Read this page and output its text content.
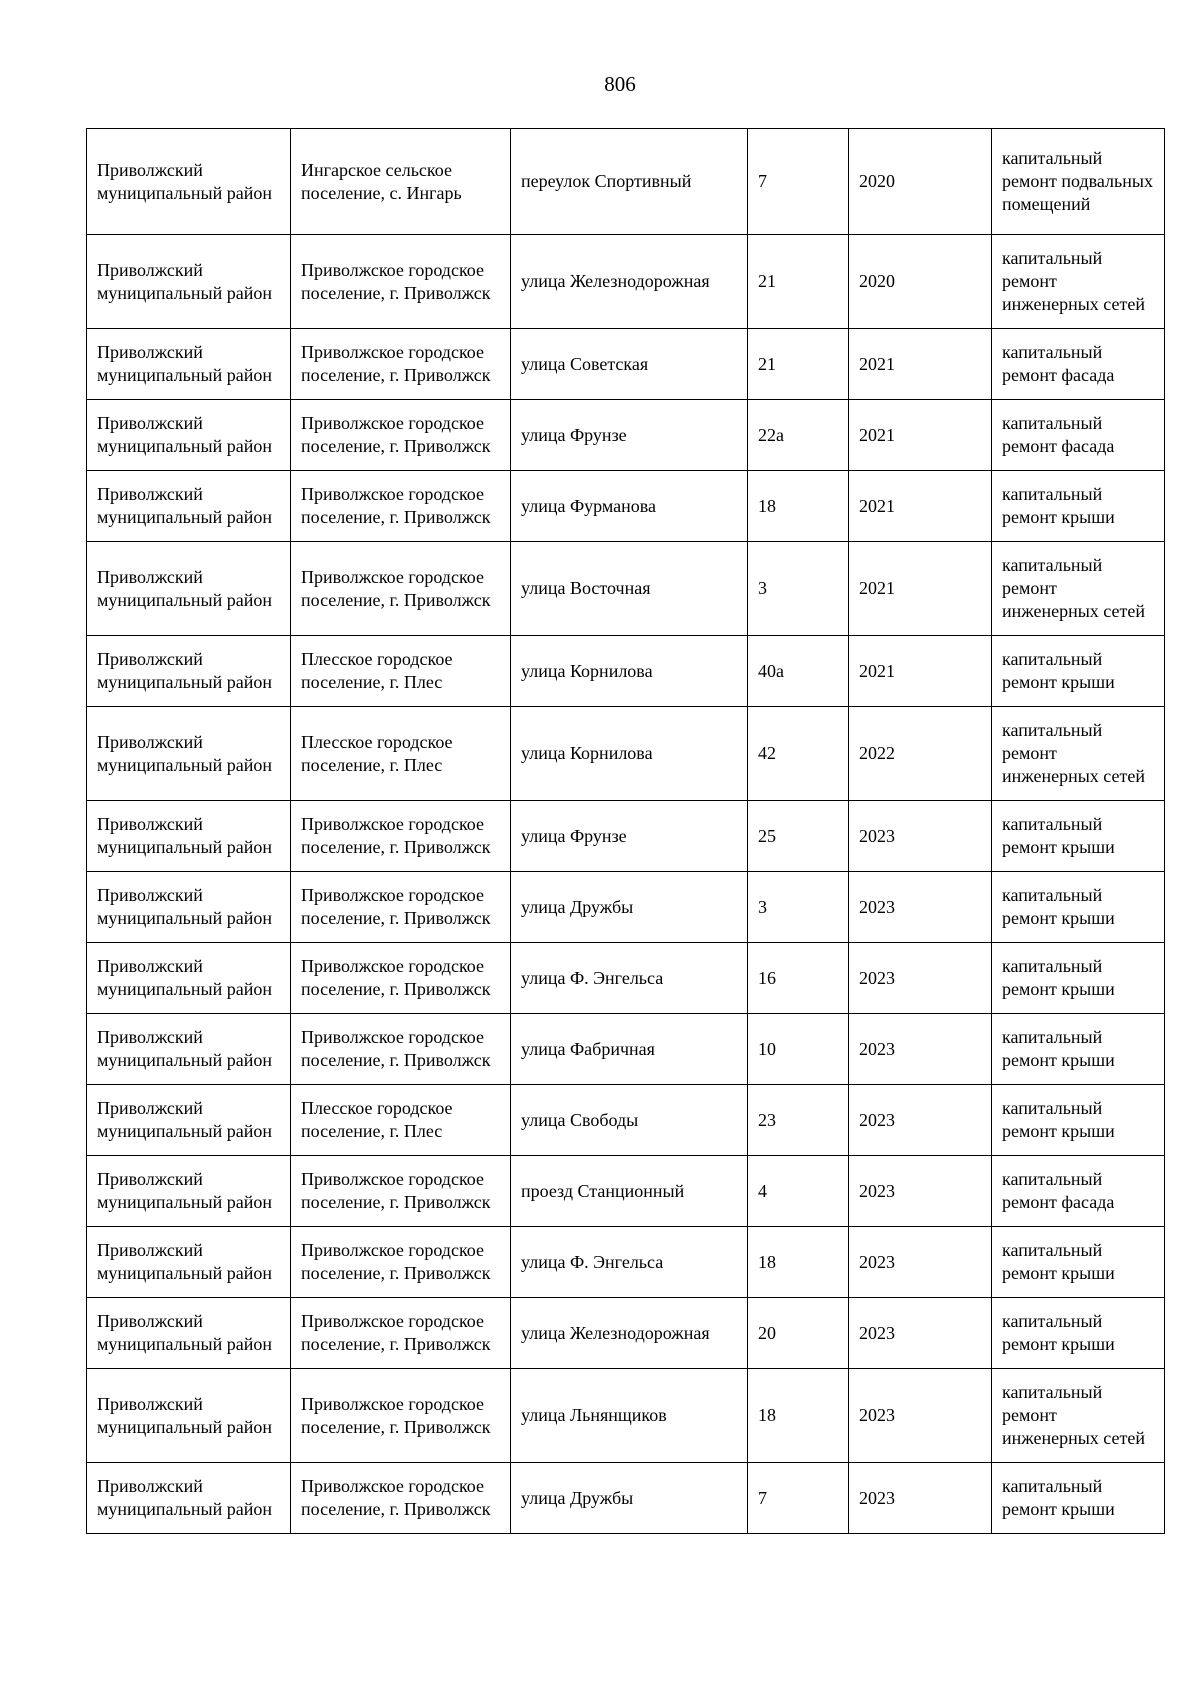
806
Приволжский муниципальный район	Ингарское сельское поселение, с. Ингарь	переулок Спортивный	7	2020	капитальный ремонт подвальных помещений
Приволжский муниципальный район	Приволжское городское поселение, г. Приволжск	улица Железнодорожная	21	2020	капитальный ремонт инженерных сетей
Приволжский муниципальный район	Приволжское городское поселение, г. Приволжск	улица Советская	21	2021	капитальный ремонт фасада
Приволжский муниципальный район	Приволжское городское поселение, г. Приволжск	улица Фрунзе	22а	2021	капитальный ремонт фасада
Приволжский муниципальный район	Приволжское городское поселение, г. Приволжск	улица Фурманова	18	2021	капитальный ремонт крыши
Приволжский муниципальный район	Приволжское городское поселение, г. Приволжск	улица Восточная	3	2021	капитальный ремонт инженерных сетей
Приволжский муниципальный район	Плесское городское поселение, г. Плес	улица Корнилова	40а	2021	капитальный ремонт крыши
Приволжский муниципальный район	Плесское городское поселение, г. Плес	улица Корнилова	42	2022	капитальный ремонт инженерных сетей
Приволжский муниципальный район	Приволжское городское поселение, г. Приволжск	улица Фрунзе	25	2023	капитальный ремонт крыши
Приволжский муниципальный район	Приволжское городское поселение, г. Приволжск	улица Дружбы	3	2023	капитальный ремонт крыши
Приволжский муниципальный район	Приволжское городское поселение, г. Приволжск	улица Ф. Энгельса	16	2023	капитальный ремонт крыши
Приволжский муниципальный район	Приволжское городское поселение, г. Приволжск	улица Фабричная	10	2023	капитальный ремонт крыши
Приволжский муниципальный район	Плесское городское поселение, г. Плес	улица Свободы	23	2023	капитальный ремонт крыши
Приволжский муниципальный район	Приволжское городское поселение, г. Приволжск	проезд Станционный	4	2023	капитальный ремонт фасада
Приволжский муниципальный район	Приволжское городское поселение, г. Приволжск	улица Ф. Энгельса	18	2023	капитальный ремонт крыши
Приволжский муниципальный район	Приволжское городское поселение, г. Приволжск	улица Железнодорожная	20	2023	капитальный ремонт крыши
Приволжский муниципальный район	Приволжское городское поселение, г. Приволжск	улица Льнянщиков	18	2023	капитальный ремонт инженерных сетей
Приволжский муниципальный район	Приволжское городское поселение, г. Приволжск	улица Дружбы	7	2023	капитальный ремонт крыши
